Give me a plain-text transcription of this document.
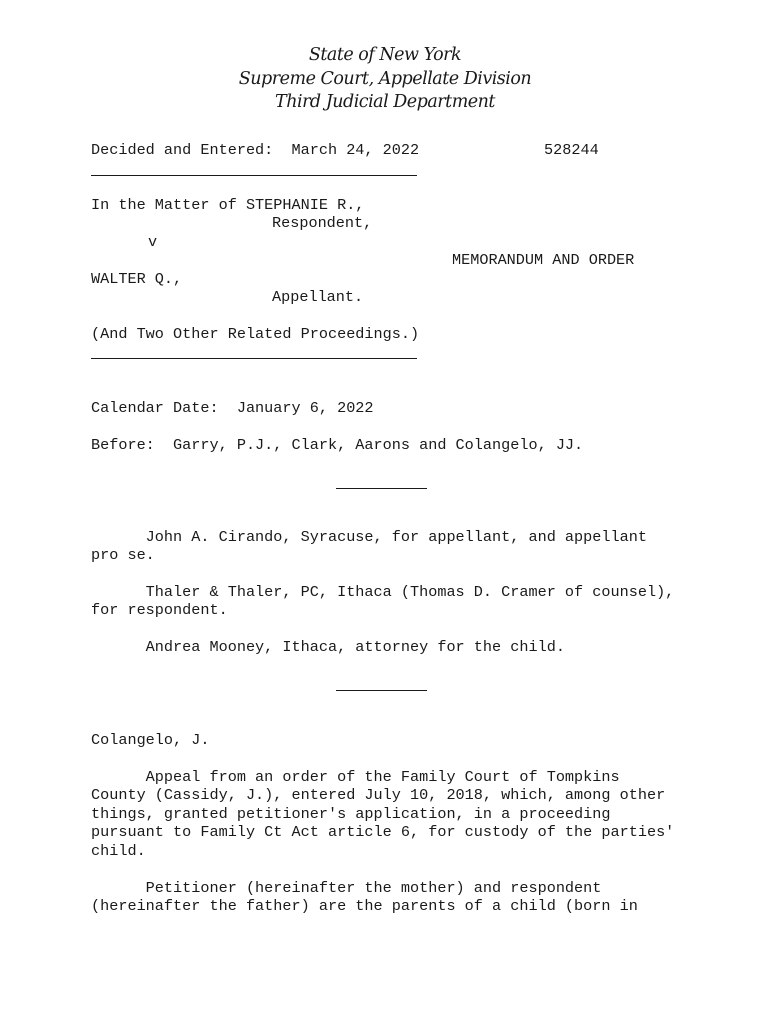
State of New York
Supreme Court, Appellate Division
Third Judicial Department
Decided and Entered:  March 24, 2022	528244
In the Matter of STEPHANIE R.,
Respondent,
v
MEMORANDUM AND ORDER
WALTER Q.,
Appellant.
(And Two Other Related Proceedings.)
Calendar Date:  January 6, 2022
Before:  Garry, P.J., Clark, Aarons and Colangelo, JJ.
John A. Cirando, Syracuse, for appellant, and appellant
pro se.
Thaler & Thaler, PC, Ithaca (Thomas D. Cramer of counsel),
for respondent.
Andrea Mooney, Ithaca, attorney for the child.
Colangelo, J.
Appeal from an order of the Family Court of Tompkins
County (Cassidy, J.), entered July 10, 2018, which, among other
things, granted petitioner's application, in a proceeding
pursuant to Family Ct Act article 6, for custody of the parties'
child.
Petitioner (hereinafter the mother) and respondent
(hereinafter the father) are the parents of a child (born in
